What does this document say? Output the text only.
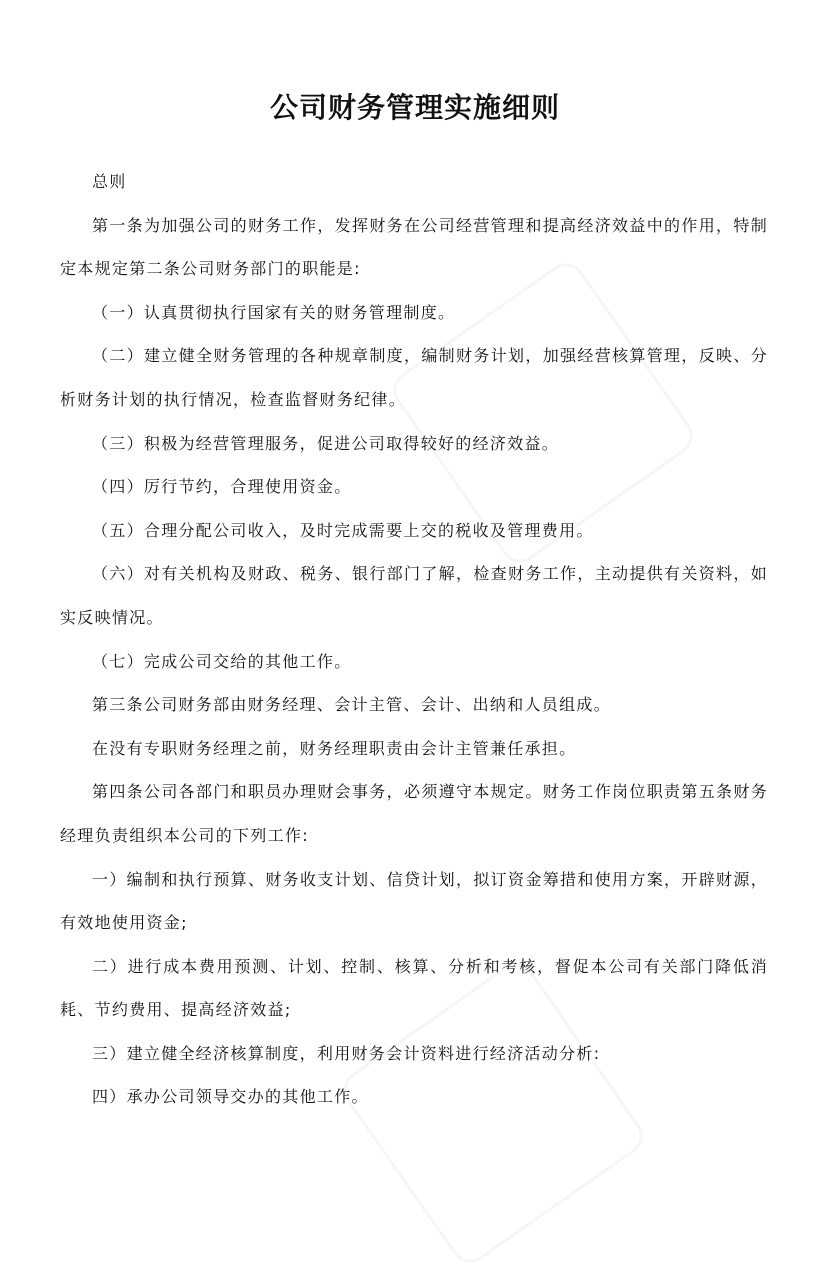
公司财务管理实施细则

总则

第一条为加强公司的财务工作，发挥财务在公司经营管理和提高经济效益中的作用，特制定本规定第二条公司财务部门的职能是:

（一）认真贯彻执行国家有关的财务管理制度。

（二）建立健全财务管理的各种规章制度，编制财务计划，加强经营核算管理，反映、分析财务计划的执行情况，检查监督财务纪律。

（三）积极为经营管理服务，促进公司取得较好的经济效益。

（四）厉行节约，合理使用资金。

（五）合理分配公司收入，及时完成需要上交的税收及管理费用。

（六）对有关机构及财政、税务、银行部门了解，检查财务工作，主动提供有关资料，如实反映情况。

（七）完成公司交给的其他工作。

第三条公司财务部由财务经理、会计主管、会计、出纳和人员组成。

在没有专职财务经理之前，财务经理职责由会计主管兼任承担。

第四条公司各部门和职员办理财会事务，必须遵守本规定。财务工作岗位职责第五条财务经理负责组织本公司的下列工作:

一）编制和执行预算、财务收支计划、信贷计划，拟订资金筹措和使用方案，开辟财源，有效地使用资金;

二）进行成本费用预测、计划、控制、核算、分析和考核，督促本公司有关部门降低消耗、节约费用、提高经济效益;

三）建立健全经济核算制度，利用财务会计资料进行经济活动分析:

四）承办公司领导交办的其他工作。
